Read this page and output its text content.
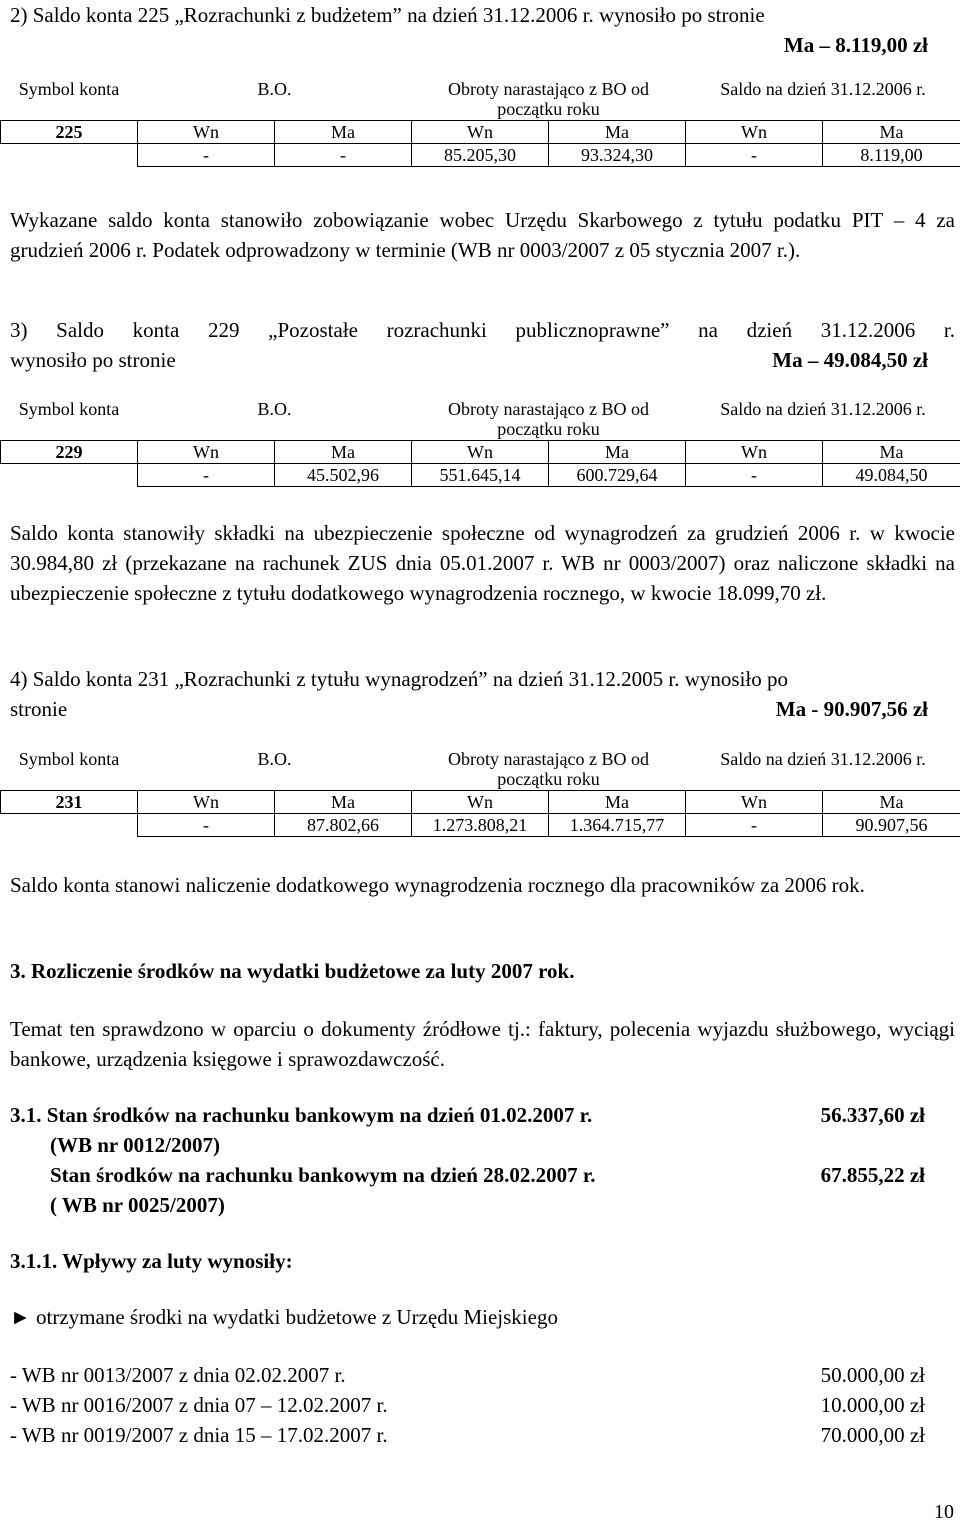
2) Saldo konta 225 „Rozrachunki z budżetem” na dzień 31.12.2006 r. wynosiło po stronie
Ma – 8.119,00 zł
Symbol konta	B.O.		Obroty narastająco z BO od początku roku		Saldo na dzień 31.12.2006 r.	
225	Wn	Ma	Wn	Ma	Wn	Ma
	-	-	85.205,30	93.324,30	-	8.119,00
Wykazane saldo konta stanowiło zobowiązanie wobec Urzędu Skarbowego z tytułu podatku PIT – 4 za grudzień 2006 r. Podatek odprowadzony w terminie (WB nr 0003/2007 z 05 stycznia 2007 r.).
3) Saldo konta 229 „Pozostałe rozrachunki publicznoprawne” na dzień 31.12.2006 r.
wynosiło po stronie	Ma – 49.084,50 zł
Symbol konta	B.O.		Obroty narastająco z BO od początku roku		Saldo na dzień 31.12.2006 r.	
229	Wn	Ma	Wn	Ma	Wn	Ma
	-	45.502,96	551.645,14	600.729,64	-	49.084,50
Saldo konta stanowiły składki na ubezpieczenie społeczne od wynagrodzeń za grudzień 2006 r. w kwocie 30.984,80 zł (przekazane na rachunek ZUS dnia 05.01.2007 r. WB nr 0003/2007) oraz naliczone składki na ubezpieczenie społeczne z tytułu dodatkowego wynagrodzenia rocznego, w kwocie 18.099,70 zł.
4) Saldo konta 231 „Rozrachunki z tytułu wynagrodzeń” na dzień 31.12.2005 r. wynosiło po
stronie	Ma - 90.907,56 zł
Symbol konta	B.O.		Obroty narastająco z BO od początku roku		Saldo na dzień 31.12.2006 r.	
231	Wn	Ma	Wn	Ma	Wn	Ma
	-	87.802,66	1.273.808,21	1.364.715,77	-	90.907,56
Saldo konta stanowi naliczenie dodatkowego wynagrodzenia rocznego dla pracowników za 2006 rok.
3. Rozliczenie środków na wydatki budżetowe za luty 2007 rok.
Temat ten sprawdzono w oparciu o dokumenty źródłowe tj.: faktury, polecenia wyjazdu służbowego, wyciągi bankowe, urządzenia księgowe i sprawozdawczość.
3.1. Stan środków na rachunku bankowym na dzień 01.02.2007 r.	56.337,60 zł
(WB nr 0012/2007)
Stan środków na rachunku bankowym na dzień 28.02.2007 r.	67.855,22 zł
( WB nr 0025/2007)
3.1.1. Wpływy za luty wynosiły:
► otrzymane środki na wydatki budżetowe z Urzędu Miejskiego
- WB nr 0013/2007 z dnia 02.02.2007 r.	50.000,00 zł
- WB nr 0016/2007 z dnia 07 – 12.02.2007 r.	10.000,00 zł
- WB nr 0019/2007 z dnia 15 – 17.02.2007 r.	70.000,00 zł
10
